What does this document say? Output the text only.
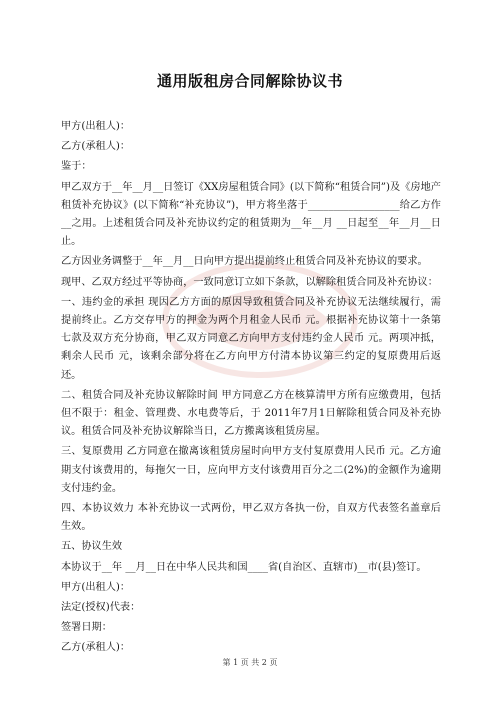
通用版租房合同解除协议书

甲方(出租人)：

乙方(承租人)：

鉴于：

甲乙双方于__年__月__日签订《XX房屋租赁合同》(以下简称“租赁合同”)及《房地产租赁补充协议》(以下简称“补充协议”)，甲方将坐落于__________________给乙方作__之用。上述租赁合同及补充协议约定的租赁期为__年__月 __日起至__年__月__日止。

乙方因业务调整于__年__月__日向甲方提出提前终止租赁合同及补充协议的要求。

现甲、乙双方经过平等协商，一致同意订立如下条款，以解除租赁合同及补充协议：

一、违约金的承担 现因乙方方面的原因导致租赁合同及补充协议无法继续履行，需提前终止。乙方交存甲方的押金为两个月租金人民币 元。根据补充协议第十一条第七款及双方充分协商，甲乙双方同意乙方向甲方支付违约金人民币 元。两项冲抵，剩余人民币 元，该剩余部分将在乙方向甲方付清本协议第三约定的复原费用后返还。

二、租赁合同及补充协议解除时间 甲方同意乙方在核算清甲方所有应缴费用，包括但不限于：租金、管理费、水电费等后，于 2011年7月1日解除租赁合同及补充协议。租赁合同及补充协议解除当日，乙方搬离该租赁房屋。

三、复原费用 乙方同意在撤离该租赁房屋时向甲方支付复原费用人民币 元。乙方逾期支付该费用的，每拖欠一日，应向甲方支付该费用百分之二(2%)的金额作为逾期支付违约金。

四、本协议效力 本补充协议一式两份，甲乙双方各执一份，自双方代表签名盖章后生效。

五、协议生效

本协议于__年 __月__日在中华人民共和国____省(自治区、直辖市)__市(县)签订。

甲方(出租人)：

法定(授权)代表：

签署日期：

乙方(承租人)：

第 1 页 共 2 页
